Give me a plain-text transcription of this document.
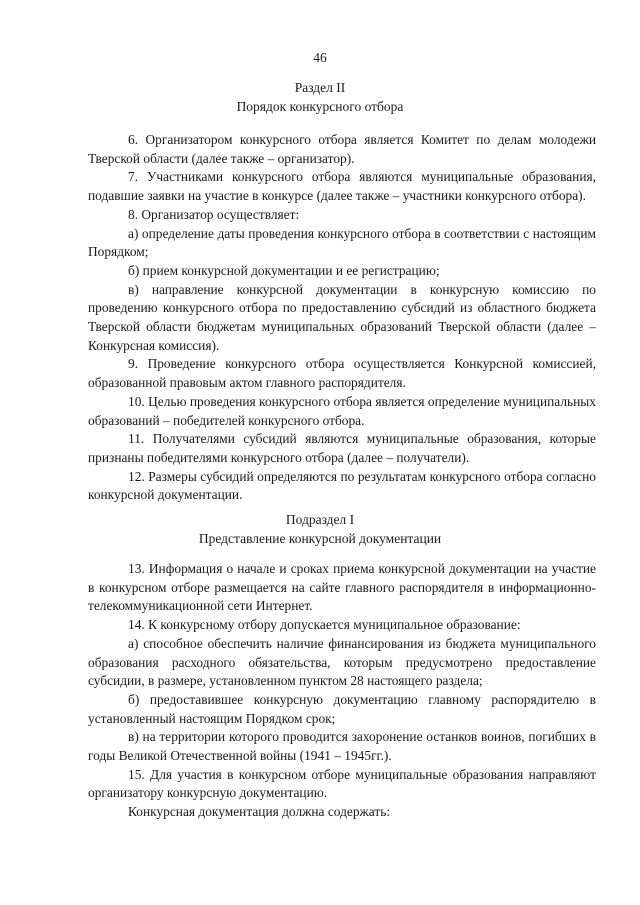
46
Раздел II
Порядок конкурсного отбора

6. Организатором конкурсного отбора является Комитет по делам молодежи Тверской области (далее также – организатор).

7. Участниками конкурсного отбора являются муниципальные образования, подавшие заявки на участие в конкурсе (далее также – участники конкурсного отбора).

8. Организатор осуществляет:

а) определение даты проведения конкурсного отбора в соответствии с настоящим Порядком;

б) прием конкурсной документации и ее регистрацию;

в) направление конкурсной документации в конкурсную комиссию по проведению конкурсного отбора по предоставлению субсидий из областного бюджета Тверской области бюджетам муниципальных образований Тверской области (далее – Конкурсная комиссия).

9. Проведение конкурсного отбора осуществляется Конкурсной комиссией, образованной правовым актом главного распорядителя.

10. Целью проведения конкурсного отбора является определение муниципальных образований – победителей конкурсного отбора.

11. Получателями субсидий являются муниципальные образования, которые признаны победителями конкурсного отбора (далее – получатели).

12. Размеры субсидий определяются по результатам конкурсного отбора согласно конкурсной документации.

Подраздел I
Представление конкурсной документации

13. Информация о начале и сроках приема конкурсной документации на участие в конкурсном отборе размещается на сайте главного распорядителя в информационно-телекоммуникационной сети Интернет.

14. К конкурсному отбору допускается муниципальное образование:

а) способное обеспечить наличие финансирования из бюджета муниципального образования расходного обязательства, которым предусмотрено предоставление субсидии, в размере, установленном пунктом 28 настоящего раздела;

б) предоставившее конкурсную документацию главному распорядителю в установленный настоящим Порядком срок;

в) на территории которого проводится захоронение останков воинов, погибших в годы Великой Отечественной войны (1941 – 1945гг.).

15. Для участия в конкурсном отборе муниципальные образования направляют организатору конкурсную документацию.

Конкурсная документация должна содержать:
